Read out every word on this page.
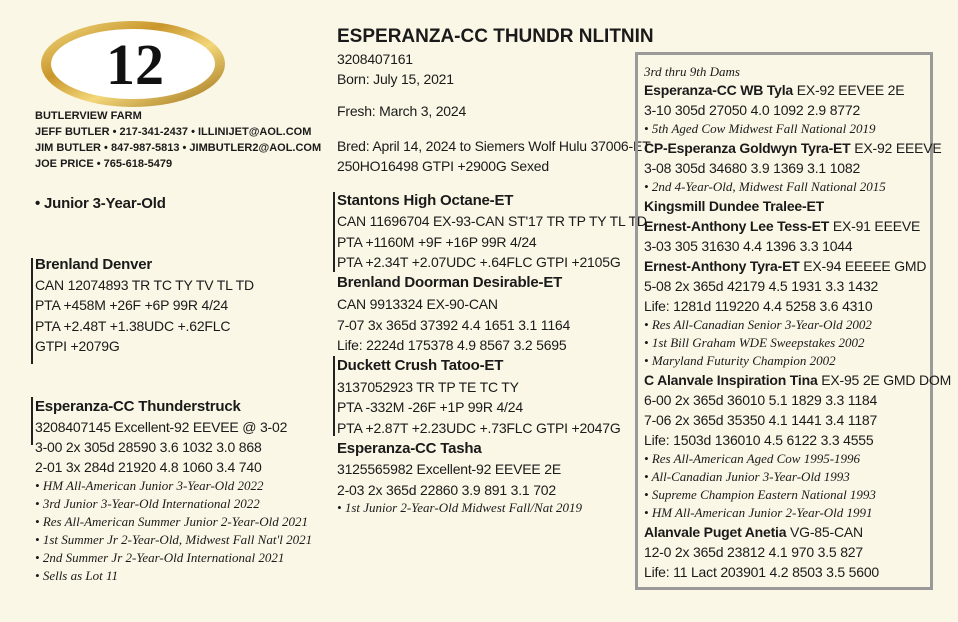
12
BUTLERVIEW FARM
JEFF BUTLER • 217-341-2437 • ILLINIJET@AOL.COM
JIM BUTLER • 847-987-5813 • JIMBUTLER2@AOL.COM
JOE PRICE • 765-618-5479
• Junior 3-Year-Old
Brenland Denver
CAN 12074893 TR TC TY TV TL TD
PTA +458M +26F +6P 99R 4/24
PTA +2.48T +1.38UDC +.62FLC
GTPI +2079G
Esperanza-CC Thunderstruck
3208407145 Excellent-92 EEVEE @ 3-02
3-00 2x 305d 28590 3.6 1032 3.0 868
2-01 3x 284d 21920 4.8 1060 3.4 740
• HM All-American Junior 3-Year-Old 2022
• 3rd Junior 3-Year-Old International 2022
• Res All-American Summer Junior 2-Year-Old 2021
• 1st Summer Jr 2-Year-Old, Midwest Fall Nat'l 2021
• 2nd Summer Jr 2-Year-Old International 2021
• Sells as Lot 11
ESPERANZA-CC THUNDR NLITNIN
3208407161
Born: July 15, 2021
Fresh: March 3, 2024
Bred: April 14, 2024 to Siemers Wolf Hulu 37006-ET
250HO16498 GTPI +2900G Sexed
Stantons High Octane-ET
CAN 11696704 EX-93-CAN ST'17 TR TP TY TL TD
PTA +1160M +9F +16P 99R 4/24
PTA +2.34T +2.07UDC +.64FLC GTPI +2105G
Brenland Doorman Desirable-ET
CAN 9913324 EX-90-CAN
7-07 3x 365d 37392 4.4 1651 3.1 1164
Life: 2224d 175378 4.9 8567 3.2 5695
Duckett Crush Tatoo-ET
3137052923 TR TP TE TC TY
PTA -332M -26F +1P 99R 4/24
PTA +2.87T +2.23UDC +.73FLC GTPI +2047G
Esperanza-CC Tasha
3125565982 Excellent-92 EEVEE 2E
2-03 2x 365d 22860 3.9 891 3.1 702
• 1st Junior 2-Year-Old Midwest Fall/Nat 2019
3rd thru 9th Dams
Esperanza-CC WB Tyla EX-92 EEVEE 2E
3-10 305d 27050 4.0 1092 2.9 8772
• 5th Aged Cow Midwest Fall National 2019
CP-Esperanza Goldwyn Tyra-ET EX-92 EEEVE
3-08 305d 34680 3.9 1369 3.1 1082
• 2nd 4-Year-Old, Midwest Fall National 2015
Kingsmill Dundee Tralee-ET
Ernest-Anthony Lee Tess-ET EX-91 EEEVE
3-03 305 31630 4.4 1396 3.3 1044
Ernest-Anthony Tyra-ET EX-94 EEEEE GMD
5-08 2x 365d 42179 4.5 1931 3.3 1432
Life: 1281d 119220 4.4 5258 3.6 4310
• Res All-Canadian Senior 3-Year-Old 2002
• 1st Bill Graham WDE Sweepstakes 2002
• Maryland Futurity Champion 2002
C Alanvale Inspiration Tina EX-95 2E GMD DOM
6-00 2x 365d 36010 5.1 1829 3.3 1184
7-06 2x 365d 35350 4.1 1441 3.4 1187
Life: 1503d 136010 4.5 6122 3.3 4555
• Res All-American Aged Cow 1995-1996
• All-Canadian Junior 3-Year-Old 1993
• Supreme Champion Eastern National 1993
• HM All-American Junior 2-Year-Old 1991
Alanvale Puget Anetia VG-85-CAN
12-0 2x 365d 23812 4.1 970 3.5 827
Life: 11 Lact 203901 4.2 8503 3.5 5600
